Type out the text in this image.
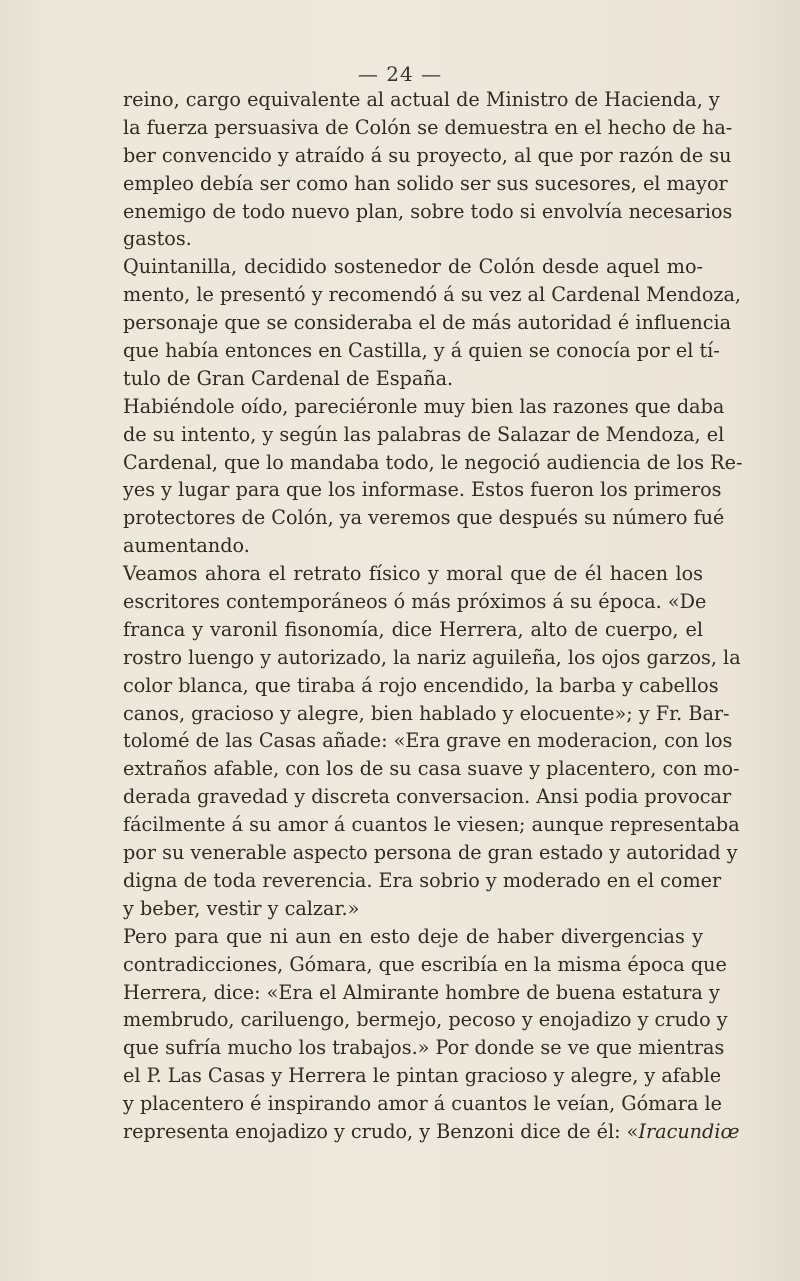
— 24 —
reino, cargo equivalente al actual de Ministro de Hacienda, y
la fuerza persuasiva de Colón se demuestra en el hecho de ha-
ber convencido y atraído á su proyecto, al que por razón de su
empleo debía ser como han solido ser sus sucesores, el mayor
enemigo de todo nuevo plan, sobre todo si envolvía necesarios
gastos.
Quintanilla, decidido sostenedor de Colón desde aquel mo-
mento, le presentó y recomendó á su vez al Cardenal Mendoza,
personaje que se consideraba el de más autoridad é influencia
que había entonces en Castilla, y á quien se conocía por el tí-
tulo de Gran Cardenal de España.
Habiéndole oído, pareciéronle muy bien las razones que daba
de su intento, y según las palabras de Salazar de Mendoza, el
Cardenal, que lo mandaba todo, le negoció audiencia de los Re-
yes y lugar para que los informase. Estos fueron los primeros
protectores de Colón, ya veremos que después su número fué
aumentando.
Veamos ahora el retrato físico y moral que de él hacen los
escritores contemporáneos ó más próximos á su época. «De
franca y varonil fisonomía, dice Herrera, alto de cuerpo, el
rostro luengo y autorizado, la nariz aguileña, los ojos garzos, la
color blanca, que tiraba á rojo encendido, la barba y cabellos
canos, gracioso y alegre, bien hablado y elocuente»; y Fr. Bar-
tolomé de las Casas añade: «Era grave en moderacion, con los
extraños afable, con los de su casa suave y placentero, con mo-
derada gravedad y discreta conversacion. Ansi podia provocar
fácilmente á su amor á cuantos le viesen; aunque representaba
por su venerable aspecto persona de gran estado y autoridad y
digna de toda reverencia. Era sobrio y moderado en el comer
y beber, vestir y calzar.»
Pero para que ni aun en esto deje de haber divergencias y
contradicciones, Gómara, que escribía en la misma época que
Herrera, dice: «Era el Almirante hombre de buena estatura y
membrudo, cariluengo, bermejo, pecoso y enojadizo y crudo y
que sufría mucho los trabajos.» Por donde se ve que mientras
el P. Las Casas y Herrera le pintan gracioso y alegre, y afable
y placentero é inspirando amor á cuantos le veían, Gómara le
representa enojadizo y crudo, y Benzoni dice de él: «Iracundiœ
